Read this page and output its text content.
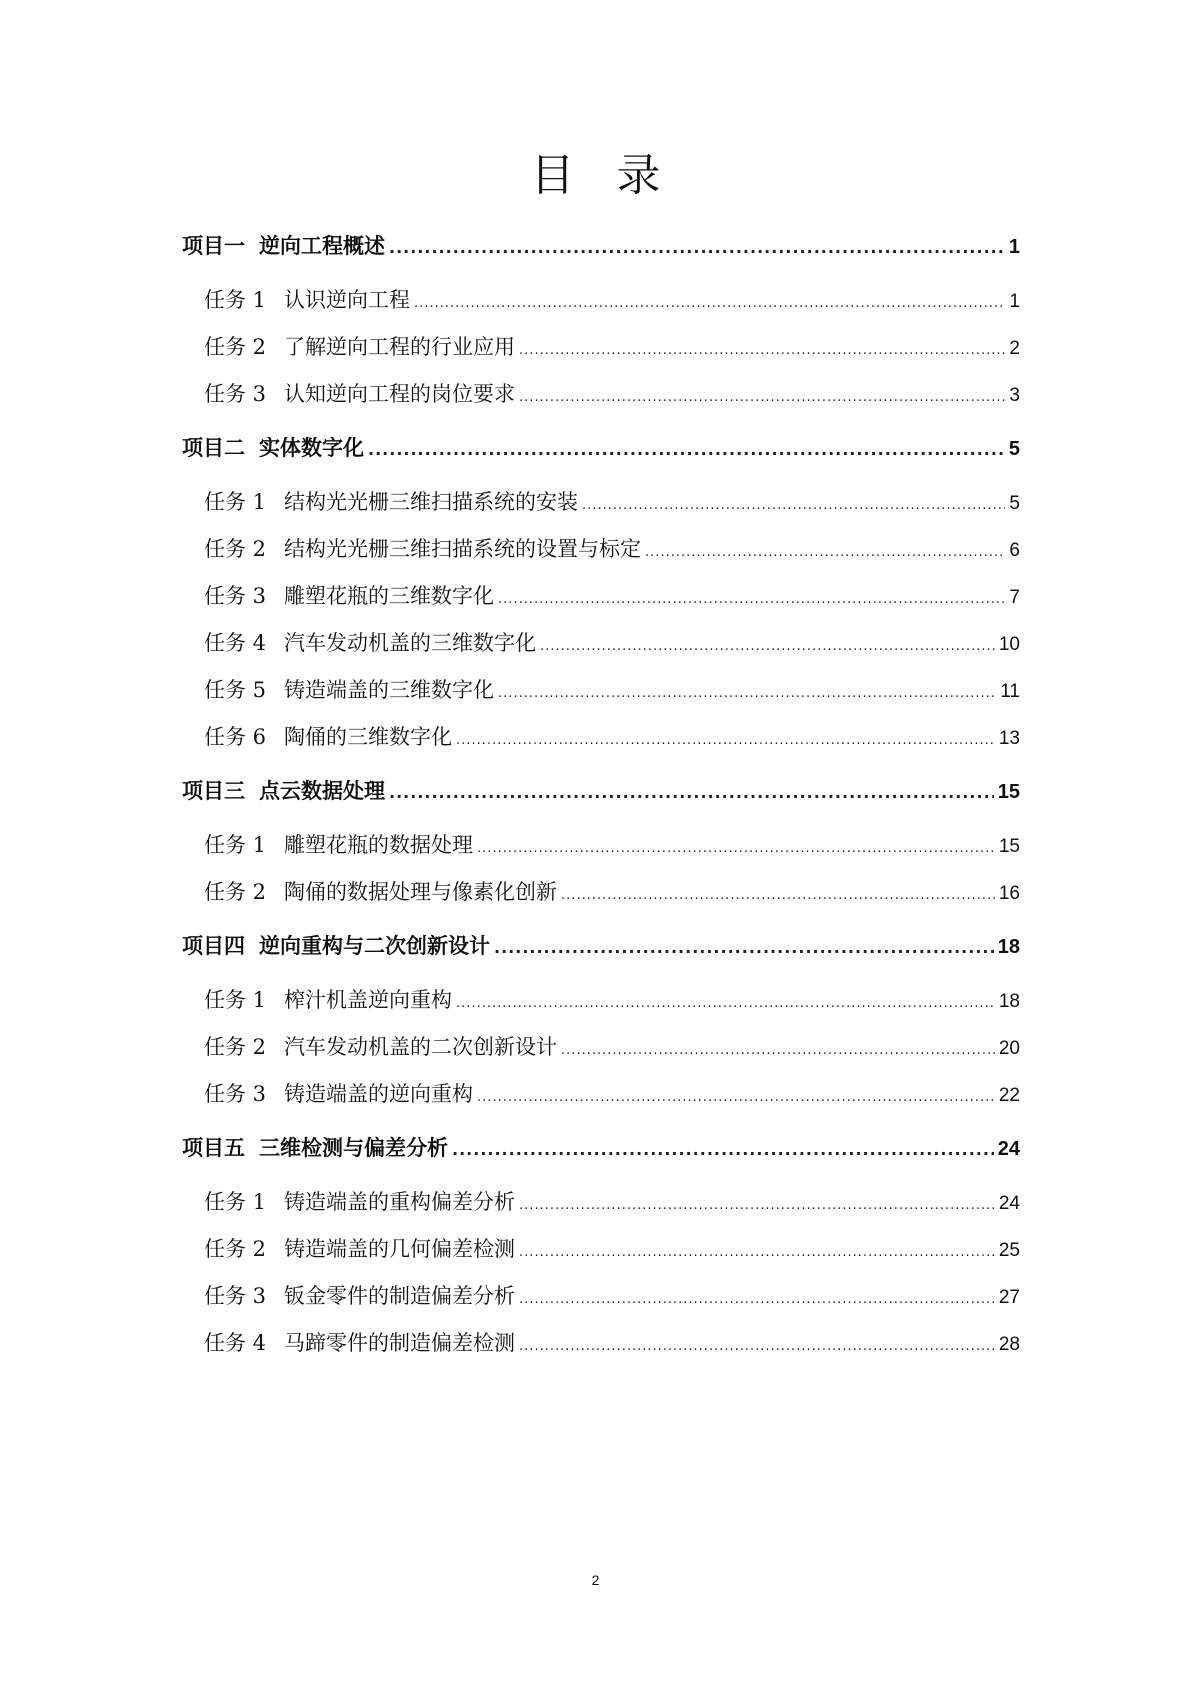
目   录
项目一 逆向工程概述 .....	1
任务 1 认识逆向工程 .....	1
任务 2 了解逆向工程的行业应用 .....	2
任务 3 认知逆向工程的岗位要求 .....	3
项目二 实体数字化 .....	5
任务 1 结构光光栅三维扫描系统的安装 .....	5
任务 2 结构光光栅三维扫描系统的设置与标定 .....	6
任务 3 雕塑花瓶的三维数字化 .....	7
任务 4 汽车发动机盖的三维数字化 .....	10
任务 5 铸造端盖的三维数字化 .....	11
任务 6 陶俑的三维数字化 .....	13
项目三 点云数据处理 .....	15
任务 1 雕塑花瓶的数据处理 .....	15
任务 2 陶俑的数据处理与像素化创新 .....	16
项目四 逆向重构与二次创新设计 .....	18
任务 1 榨汁机盖逆向重构 .....	18
任务 2 汽车发动机盖的二次创新设计 .....	20
任务 3 铸造端盖的逆向重构 .....	22
项目五 三维检测与偏差分析 .....	24
任务 1 铸造端盖的重构偏差分析 .....	24
任务 2 铸造端盖的几何偏差检测 .....	25
任务 3 钣金零件的制造偏差分析 .....	27
任务 4 马蹄零件的制造偏差检测 .....	28
2
